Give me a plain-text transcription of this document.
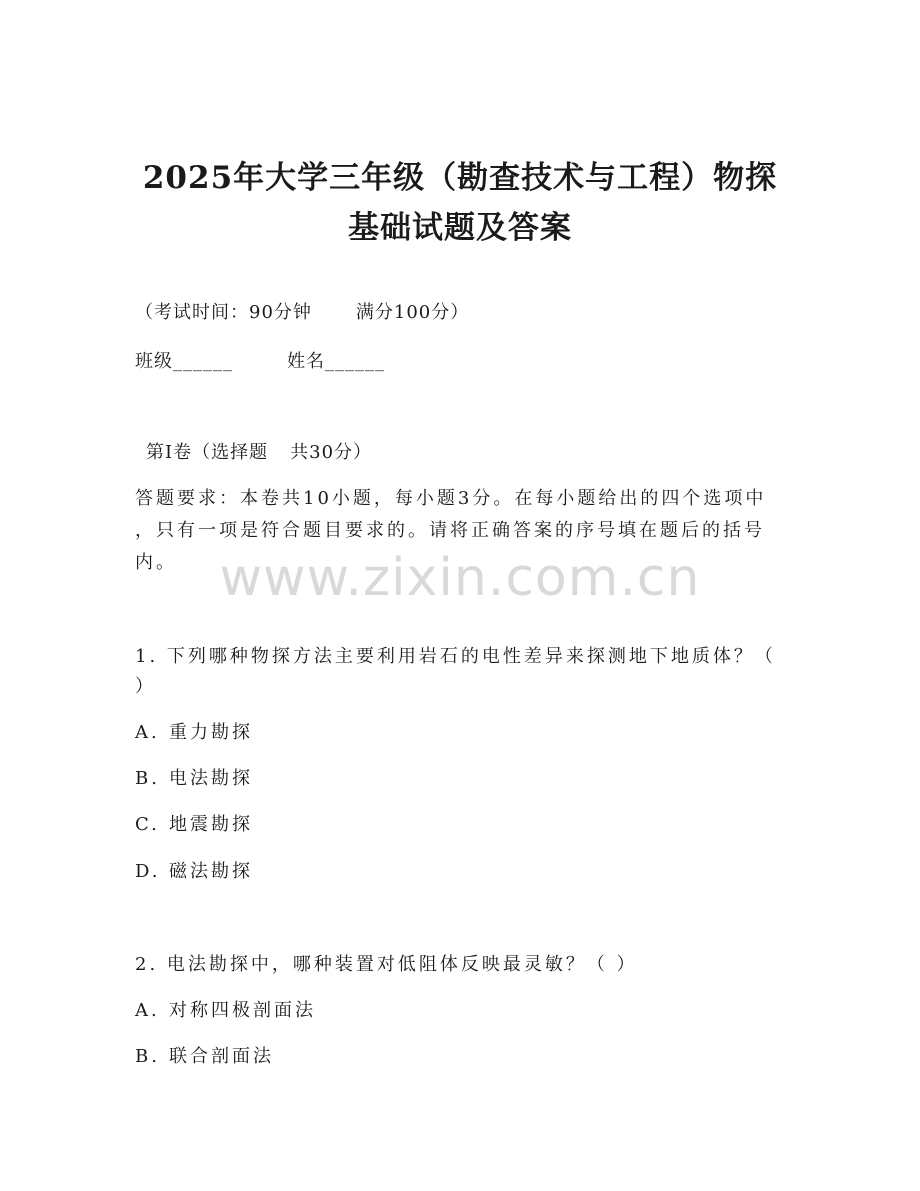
2025年大学三年级（勘查技术与工程）物探
基础试题及答案
（考试时间：90分钟 满分100分）
班级______	姓名______
第I卷（选择题 共30分）
答题要求：本卷共10小题，每小题3分。在每小题给出的四个选项中
，只有一项是符合题目要求的。请将正确答案的序号填在题后的括号
内。 www.zixin.com.cn
1. 下列哪种物探方法主要利用岩石的电性差异来探测地下地质体？（
）
A. 重力勘探
B. 电法勘探
C. 地震勘探
D. 磁法勘探
2. 电法勘探中，哪种装置对低阻体反映最灵敏？（ ）
A. 对称四极剖面法
B. 联合剖面法
